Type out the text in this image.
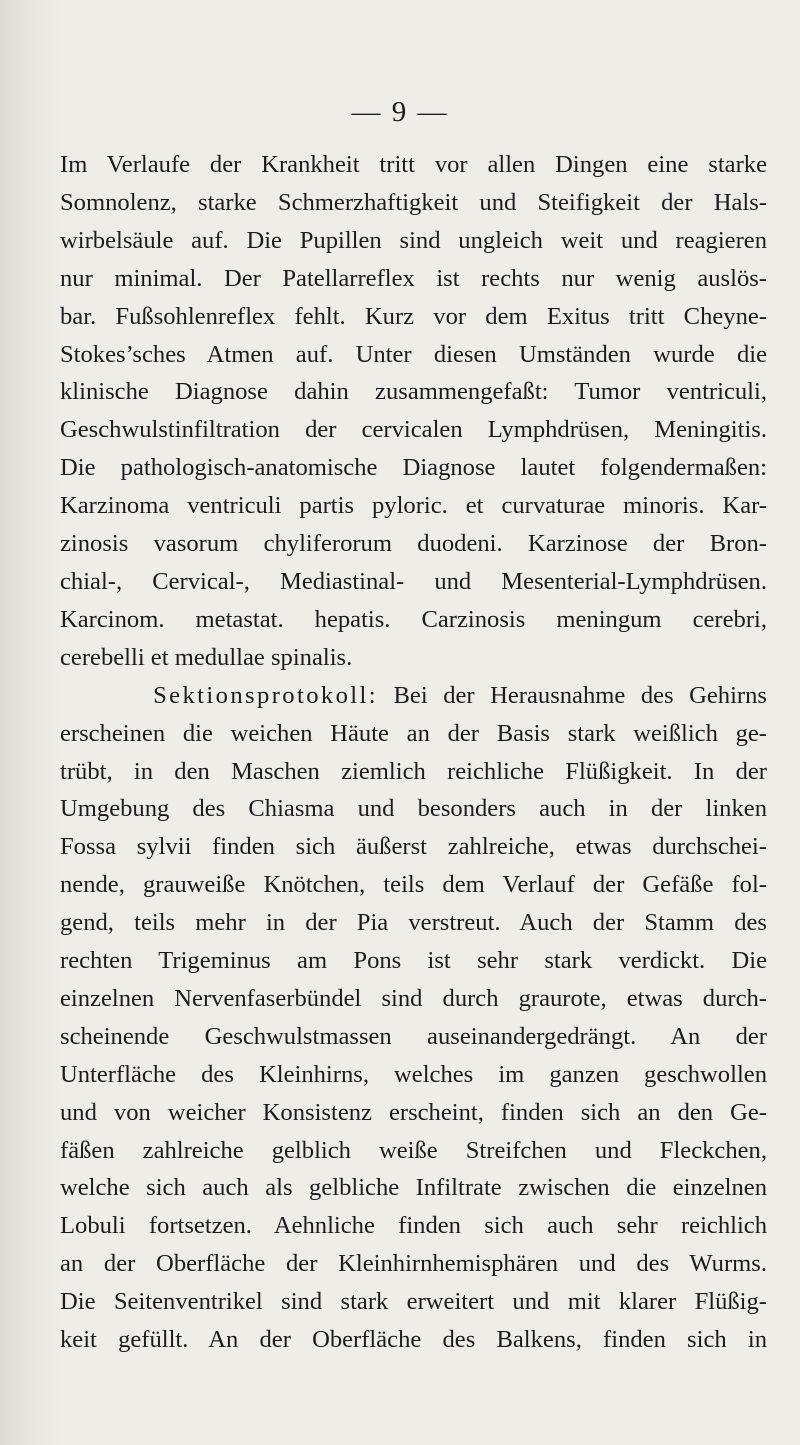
— 9 —
Im Verlaufe der Krankheit tritt vor allen Dingen eine starke
Somnolenz, starke Schmerzhaftigkeit und Steifigkeit der Hals-
wirbelsäule auf. Die Pupillen sind ungleich weit und reagieren
nur minimal. Der Patellarreflex ist rechts nur wenig auslös-
bar. Fußsohlenreflex fehlt. Kurz vor dem Exitus tritt Cheyne-
Stokes’sches Atmen auf. Unter diesen Umständen wurde die
klinische Diagnose dahin zusammengefaßt: Tumor ventriculi,
Geschwulstinfiltration der cervicalen Lymphdrüsen, Meningitis.
Die pathologisch-anatomische Diagnose lautet folgendermaßen:
Karzinoma ventriculi partis pyloric. et curvaturae minoris. Kar-
zinosis vasorum chyliferorum duodeni. Karzinose der Bron-
chial-, Cervical-, Mediastinal- und Mesenterial-Lymphdrüsen.
Karcinom. metastat. hepatis. Carzinosis meningum cerebri,
cerebelli et medullae spinalis.
Sektionsprotokoll: Bei der Herausnahme des Gehirns
erscheinen die weichen Häute an der Basis stark weißlich ge-
trübt, in den Maschen ziemlich reichliche Flüßigkeit. In der
Umgebung des Chiasma und besonders auch in der linken
Fossa sylvii finden sich äußerst zahlreiche, etwas durchschei-
nende, grauweiße Knötchen, teils dem Verlauf der Gefäße fol-
gend, teils mehr in der Pia verstreut. Auch der Stamm des
rechten Trigeminus am Pons ist sehr stark verdickt. Die
einzelnen Nervenfaserbündel sind durch graurote, etwas durch-
scheinende Geschwulstmassen auseinandergedrängt. An der
Unterfläche des Kleinhirns, welches im ganzen geschwollen
und von weicher Konsistenz erscheint, finden sich an den Ge-
fäßen zahlreiche gelblich weiße Streifchen und Fleckchen,
welche sich auch als gelbliche Infiltrate zwischen die einzelnen
Lobuli fortsetzen. Aehnliche finden sich auch sehr reichlich
an der Oberfläche der Kleinhirnhemisphären und des Wurms.
Die Seitenventrikel sind stark erweitert und mit klarer Flüßig-
keit gefüllt. An der Oberfläche des Balkens, finden sich in
